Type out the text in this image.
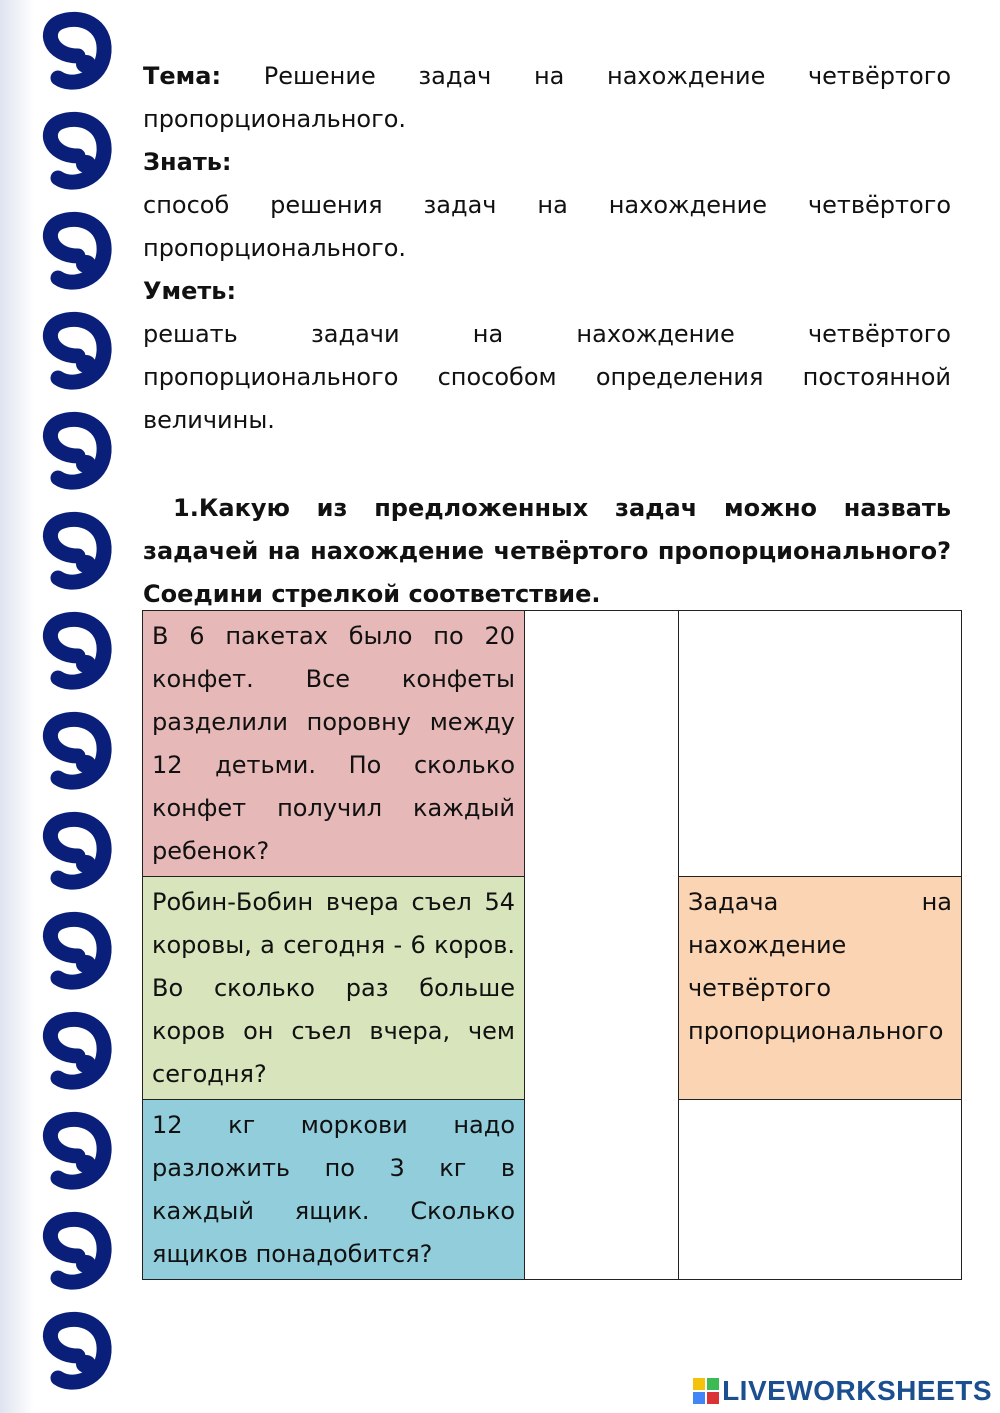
Тема: Решение задач на нахождение четвёртого пропорционального.

Знать:

способ решения задач на нахождение четвёртого пропорционального.

Уметь:

решать задачи на нахождение четвёртого пропорционального способом определения постоянной величины.

1.Какую из предложенных задач можно назвать задачей на нахождение четвёртого пропорционального? Соедини стрелкой соответствие.

В 6 пакетах было по 20 конфет. Все конфеты разделили поровну между 12 детьми. По сколько конфет получил каждый ребенок?		
Робин-Бобин вчера съел 54 коровы, а сегодня - 6 коров. Во сколько раз больше коров он съел вчера, чем сегодня?		Задача на нахождение четвёртого пропорционального
12 кг моркови надо разложить по 3 кг в каждый ящик. Сколько ящиков понадобится?		
LIVEWORKSHEETS
